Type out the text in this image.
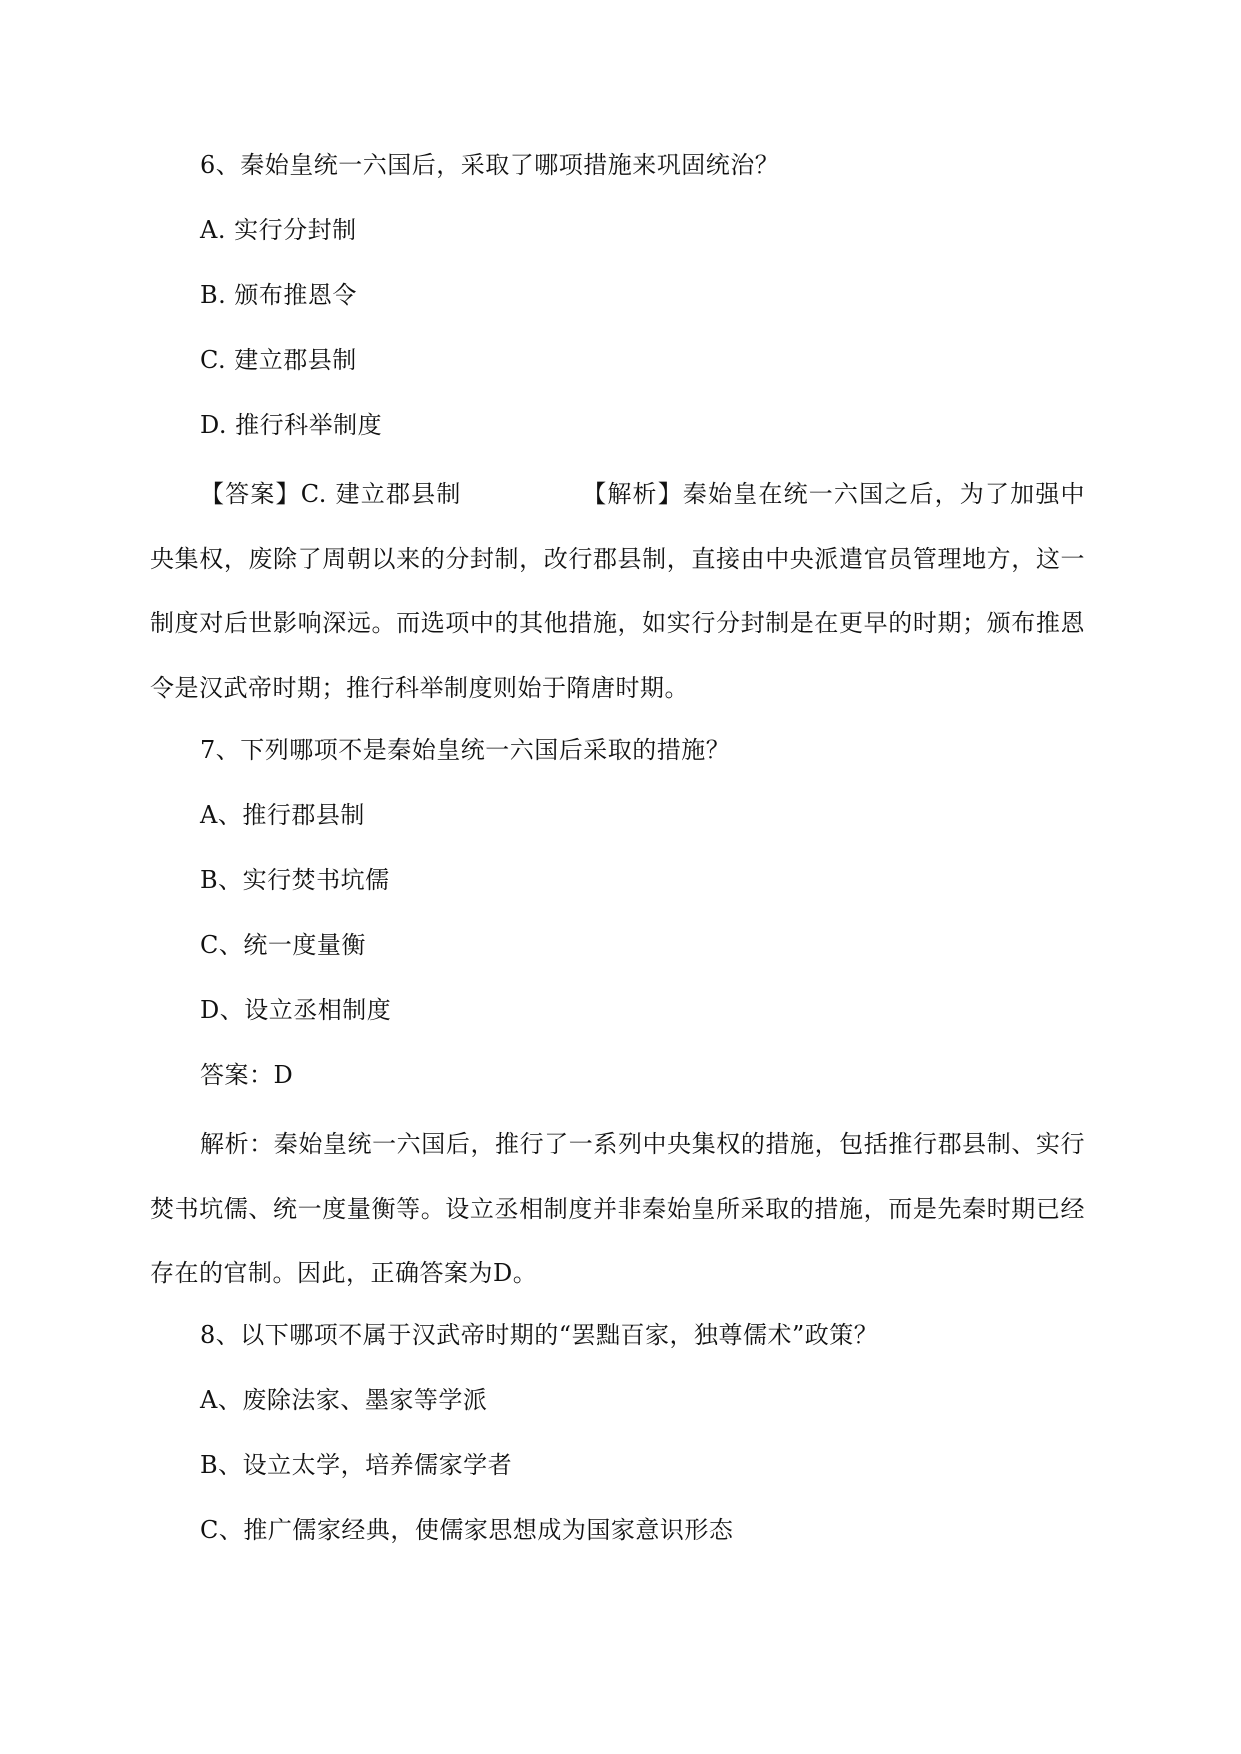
6、秦始皇统一六国后，采取了哪项措施来巩固统治？
A. 实行分封制
B. 颁布推恩令
C. 建立郡县制
D. 推行科举制度
【答案】C. 建立郡县制	【解析】秦始皇在统一六国之后，为了加强中央集权，废除了周朝以来的分封制，改行郡县制，直接由中央派遣官员管理地方，这一制度对后世影响深远。而选项中的其他措施，如实行分封制是在更早的时期；颁布推恩令是汉武帝时期；推行科举制度则始于隋唐时期。
7、下列哪项不是秦始皇统一六国后采取的措施？
A、推行郡县制
B、实行焚书坑儒
C、统一度量衡
D、设立丞相制度
答案：D
解析：秦始皇统一六国后，推行了一系列中央集权的措施，包括推行郡县制、实行焚书坑儒、统一度量衡等。设立丞相制度并非秦始皇所采取的措施，而是先秦时期已经存在的官制。因此，正确答案为D。
8、以下哪项不属于汉武帝时期的“罢黜百家，独尊儒术”政策？
A、废除法家、墨家等学派
B、设立太学，培养儒家学者
C、推广儒家经典，使儒家思想成为国家意识形态
